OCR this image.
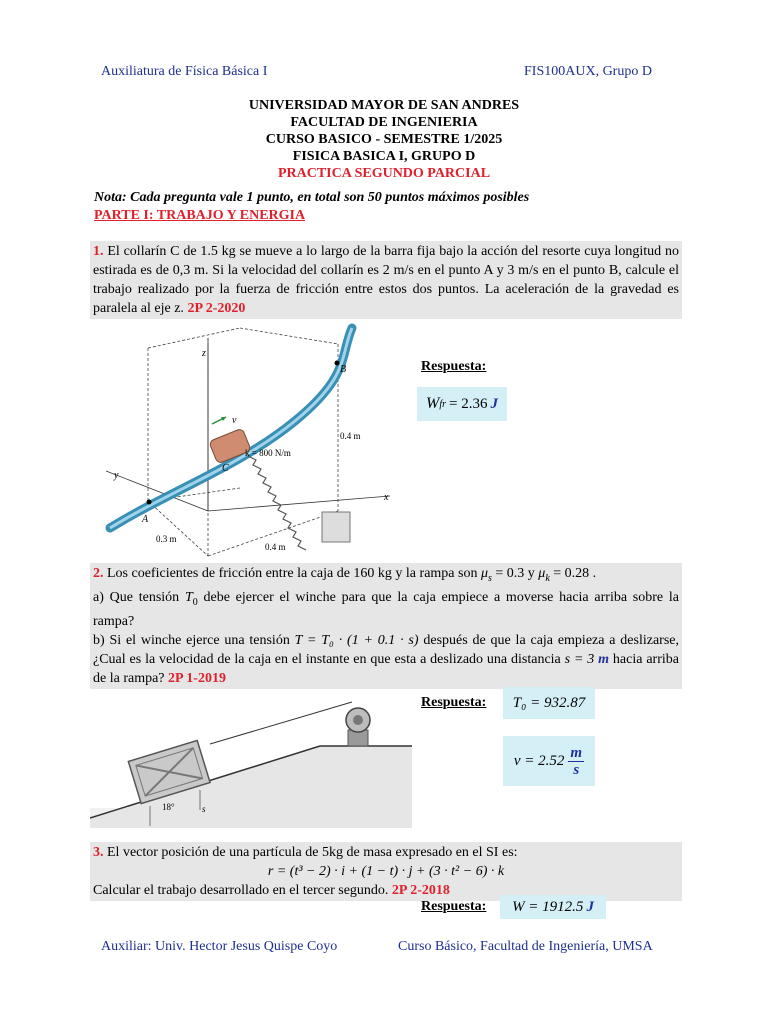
Auxiliatura de Física Básica I	FIS100AUX, Grupo D
UNIVERSIDAD MAYOR DE SAN ANDRES
FACULTAD DE INGENIERIA
CURSO BASICO - SEMESTRE 1/2025
FISICA BASICA I, GRUPO D
PRACTICA SEGUNDO PARCIAL
Nota: Cada pregunta vale 1 punto, en total son 50 puntos máximos posibles
PARTE I: TRABAJO Y ENERGIA
1. El collarín C de 1.5 kg se mueve a lo largo de la barra fija bajo la acción del resorte cuya longitud no estirada es de 0,3 m. Si la velocidad del collarín es 2 m/s en el punto A y 3 m/s en el punto B, calcule el trabajo realizado por la fuerza de fricción entre estos dos puntos. La aceleración de la gravedad es paralela al eje z. 2P 2-2020
z
y
x
v
B
A
C
k = 800 N/m
0.4 m
0.3 m
0.4 m
Respuesta:
W fr = 2.36 J
2. Los coeficientes de fricción entre la caja de 160 kg y la rampa son $\mu_s = 0.3$ y $\mu_k = 0.28$ .
a) Que tensión $T_0$ debe ejercer el winche para que la caja empiece a moverse hacia arriba sobre la rampa?
b) Si el winche ejerce una tensión T = T₀ · (1 + 0.1 · s) después de que la caja empieza a deslizarse, ¿Cual es la velocidad de la caja en el instante en que esta a deslizado una distancia s = 3 m hacia arriba de la rampa? 2P 1-2019
18°	s
Respuesta: T₀ = 932.87
$v = 2.52 \frac{m}{s}$
3. El vector posición de una partícula de 5kg de masa expresado en el SI es:

r = (t³ − 2) · i + (1 − t) · j + (3 · t² − 6) · k
Calcular el trabajo desarrollado en el tercer segundo. 2P 2-2018
Respuesta: W = 1912.5 J
Auxiliar: Univ. Hector Jesus Quispe Coyo	Curso Básico, Facultad de Ingeniería, UMSA
